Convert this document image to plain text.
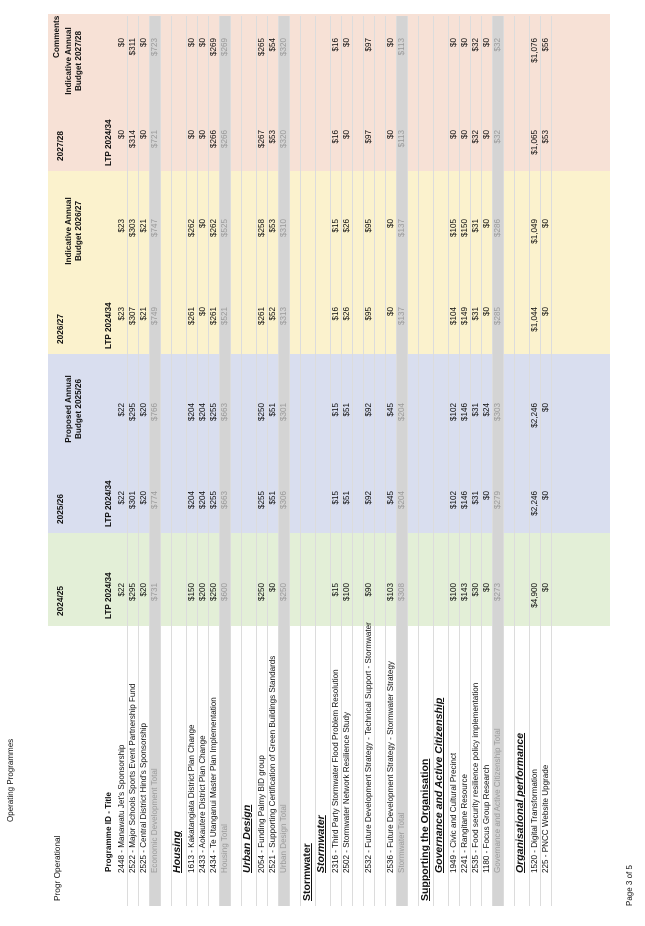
Operating Programmes
Page 3 of 5
Progr Operational
2024/25
2025/26
2026/27
2027/28
Proposed Annual Budget 2025/26
Indicative Annual Budget 2026/27
Indicative Annual Budget 2027/28
Programme ID - Title
LTP 2024/34
LTP 2024/34
LTP 2024/34
LTP 2024/34
Comments
2448 - Manawatu Jet's Sponsorship
$22
$22
$22
$23
$23
$0
$0
2522 - Major Schools Sports Event Partnership Fund
$295
$301
$295
$307
$303
$314
$311
2525 - Central District Hind's Sponsorship
$20
$20
$20
$21
$21
$0
$0
Economic Development Total
$731
$774
$766
$749
$747
$721
$723
Housing 1613 - Kakatangiata District Plan Change
$150
$204
$204
$261
$262
$0
$0
2433 - Aokautere District Plan Change
$200
$204
$204
$0
$0
$0
$0
2434 - Te Utanganui Master Plan Implementation
$250
$255
$255
$261
$262
$266
$269
Housing Total
$600
$663
$663
$521
$525
$266
$269
Urban Design 2054 - Funding Palmy BID group
$250
$255
$250
$261
$258
$267
$265
2521 - Supporting Certification of Green Buildings Standards
$0
$51
$51
$52
$53
$53
$54
Urban Design Total
$250
$306
$301
$313
$310
$320
$320
Stormwater Stormwater 2316 - Third Party Stormwater Flood Problem Resolution
$15
$15
$15
$16
$15
$16
$16
2502 - Stormwater Network Resilience Study
$100
$51
$51
$26
$26
$0
$0
2532 - Future Development Strategy - Technical Support - Stormwater
$90
$92
$92
$95
$95
$97
$97
2536 - Future Development Strategy - Stormwater Strategy
$103
$45
$45
$0
$0
$0
$0
Stormwater Total
$308
$204
$204
$137
$137
$113
$113
Supporting the Organisation Governance and Active Citizenship 1949 - Civic and Cultural Precinct
$100
$102
$102
$104
$105
$0
$0
2241 - Rangitane Resource
$143
$146
$146
$149
$150
$0
$0
2535 - Food security resilience policy implementation
$30
$31
$31
$31
$31
$32
$32
1180 - Focus Group Research
$0
$0
$24
$0
$0
$0
$0
Governance and Active Citizenship Total
$273
$279
$303
$285
$286
$32
$32
Organisational performance 1520 - Digital Transformation
$4,900
$2,246
$2,246
$1,044
$1,049
$1,065
$1,076
225 - PNCC Website Upgrade
$0
$0
$0
$0
$0
$53
$56
